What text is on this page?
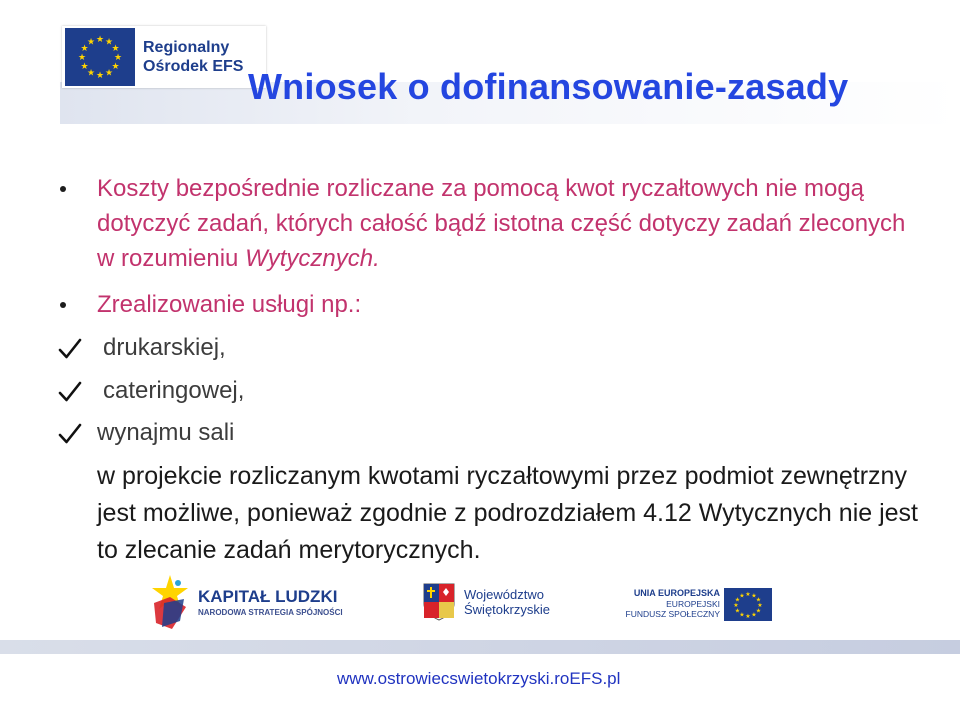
★ ★
★
★
★
★
★
★
★
★
★
★	Regionalny
Ośrodek EFS Wniosek o dofinansowanie-zasady
Koszty bezpośrednie rozliczane za pomocą kwot ryczałtowych nie mogą dotyczyć zadań, których całość bądź istotna część dotyczy zadań zleconych w rozumieniu Wytycznych.
Zrealizowanie usługi np.:
drukarskiej,
cateringowej,
wynajmu sali

w projekcie rozliczanym kwotami ryczałtowymi przez podmiot zewnętrzny jest możliwe, ponieważ zgodnie z podrozdziałem 4.12 Wytycznych nie jest to zlecanie zadań merytorycznych.

KAPITAŁ LUDZKI
NARODOWA STRATEGIA SPÓJNOŚCI
Województwo
Świętokrzyskie
UNIA EUROPEJSKA
EUROPEJSKI
FUNDUSZ SPOŁECZNY
★ ★
★
★
★
★
★
★
★
★
★
★

www.ostrowiecswietokrzyski.roEFS.pl
